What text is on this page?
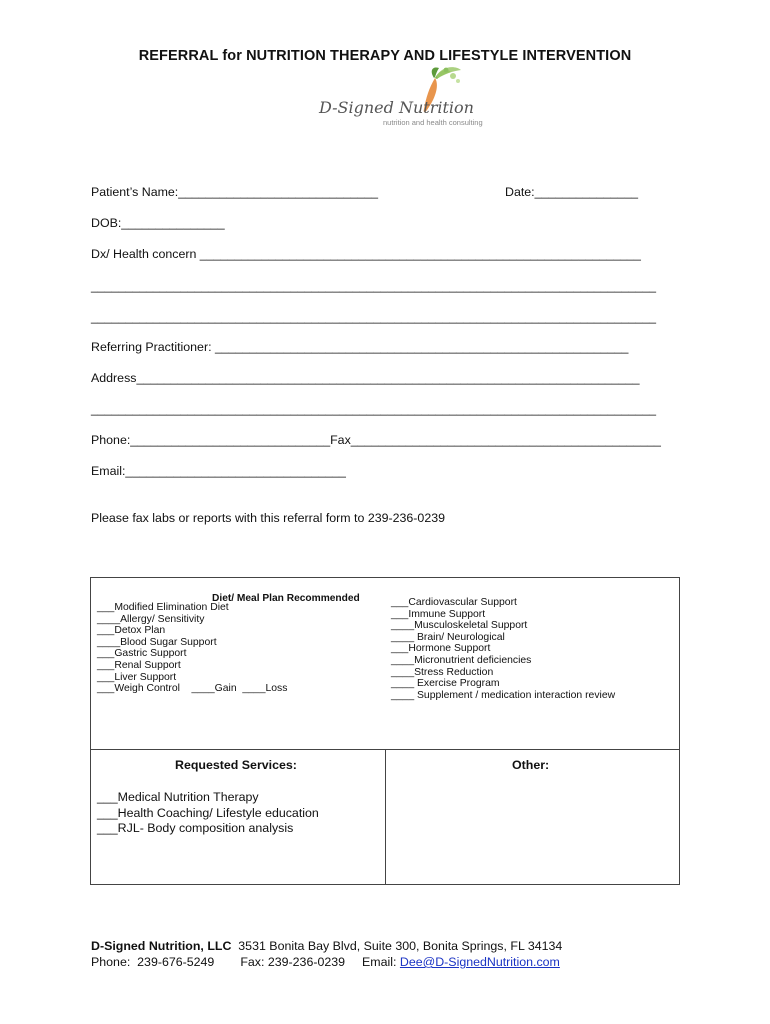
REFERRAL for NUTRITION THERAPY AND LIFESTYLE INTERVENTION
D-Signed Nutrition
nutrition and health consulting
Patient’s Name:_____________________________	Date:_______________
DOB:_______________
Dx/ Health concern ________________________________________________________________
__________________________________________________________________________________
__________________________________________________________________________________
Referring Practitioner: ____________________________________________________________
Address_________________________________________________________________________
__________________________________________________________________________________
Phone:_____________________________Fax_____________________________________________
Email:________________________________
Please fax labs or reports with this referral form to 239-236-0239

Diet/ Meal Plan Recommended
___Modified Elimination Diet
____Allergy/ Sensitivity
___Detox Plan
____Blood Sugar Support
___Gastric Support
___Renal Support
___Liver Support
___Weigh Control    ____Gain  ____Loss
___Cardiovascular Support
___Immune Support
____Musculoskeletal Support
____ Brain/ Neurological
___Hormone Support
____Micronutrient deficiencies
____Stress Reduction
____ Exercise Program
____ Supplement / medication interaction review
Requested Services:	Other:
___Medical Nutrition Therapy
___Health Coaching/ Lifestyle education
___RJL- Body composition analysis
D-Signed Nutrition, LLC  3531 Bonita Bay Blvd, Suite 300, Bonita Springs, FL 34134
Phone:  239-676-5249 Fax: 239-236-0239 Email: Dee@D-SignedNutrition.com
